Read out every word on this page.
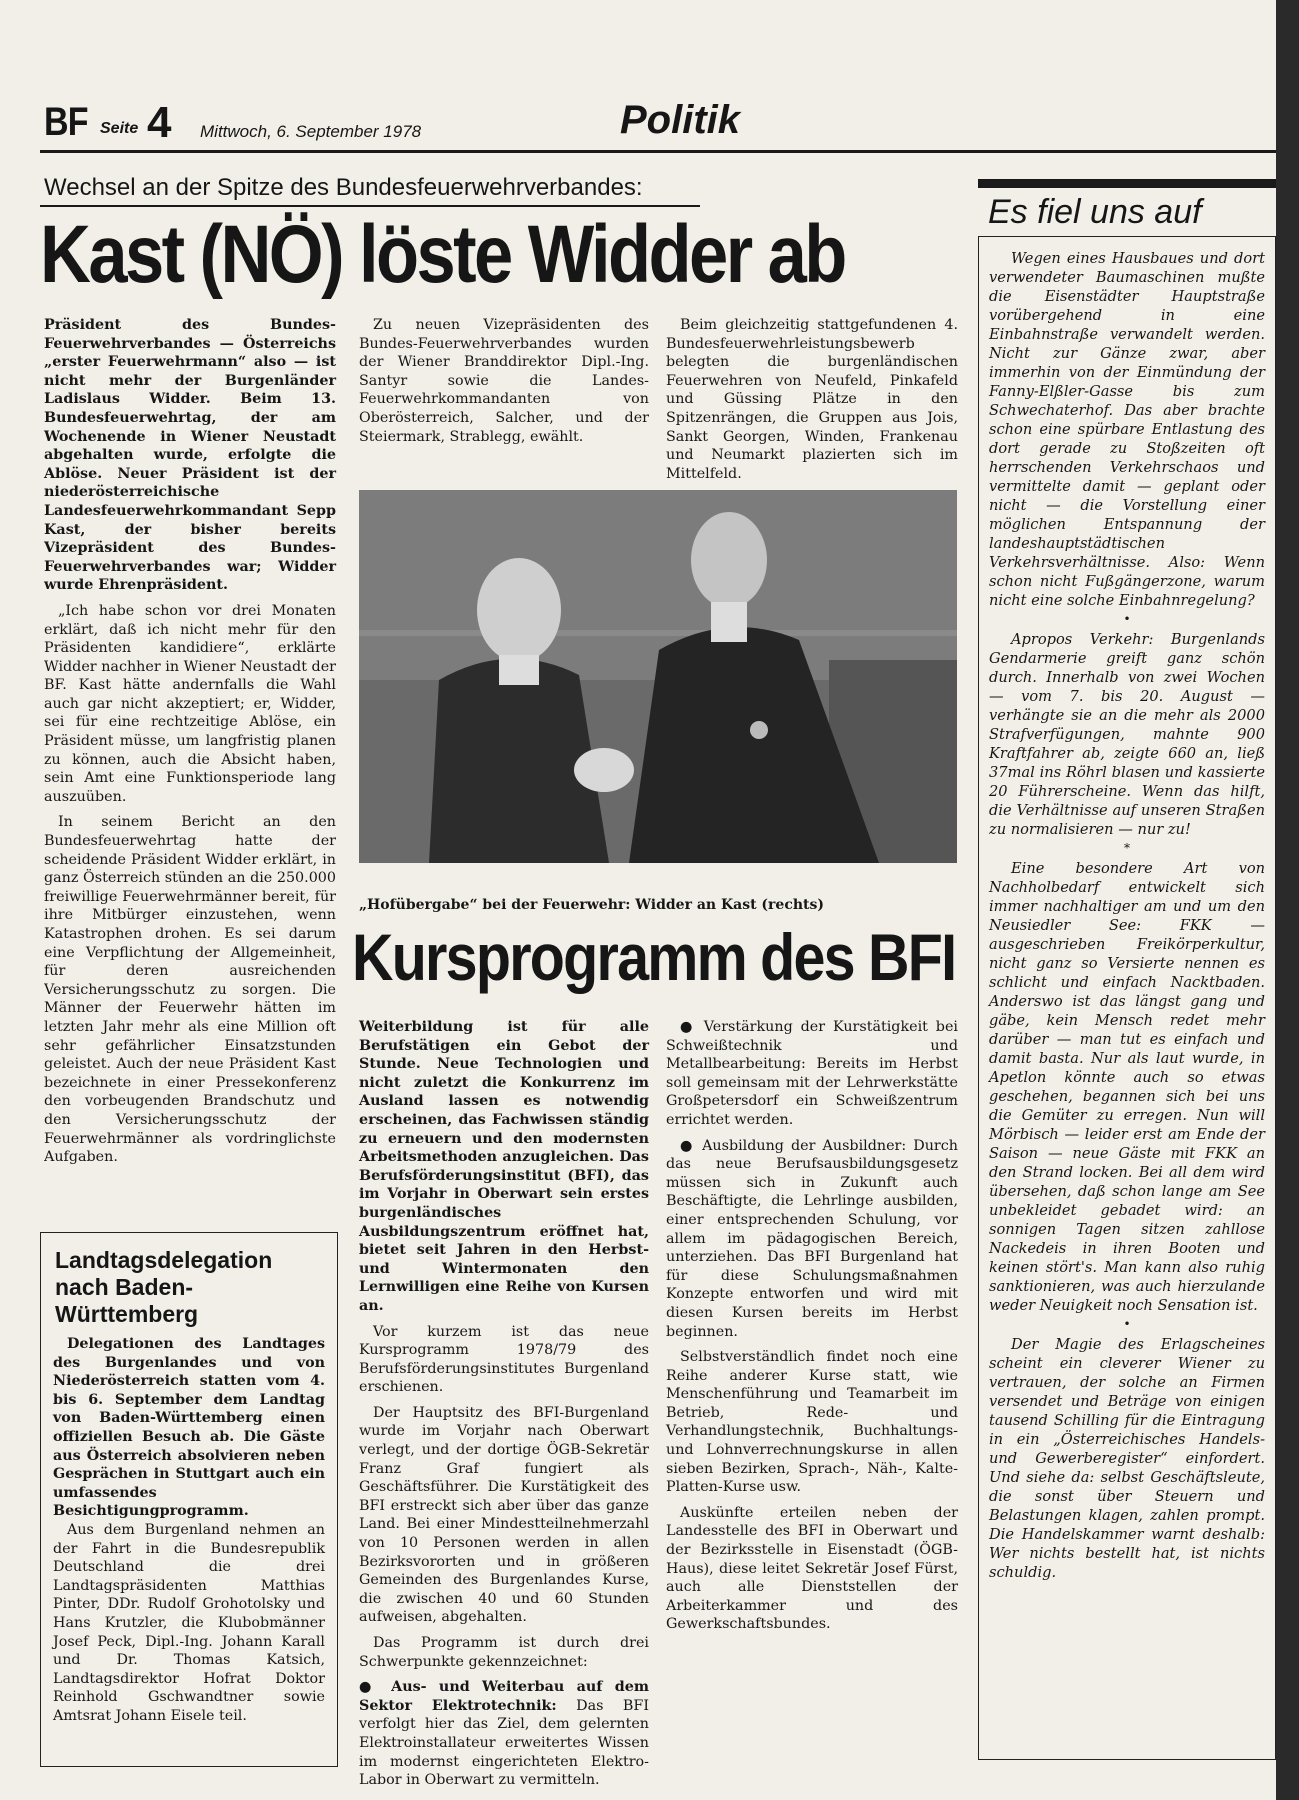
BF Seite 4 Mittwoch, 6. September 1978	Politik
Wechsel an der Spitze des Bundesfeuerwehrverbandes:
Kast (NÖ) löste Widder ab

Präsident des Bundes-Feuerwehrverbandes — Österreichs „erster Feuerwehrmann“ also — ist nicht mehr der Burgenländer Ladislaus Widder. Beim 13. Bundesfeuerwehrtag, der am Wochenende in Wiener Neustadt abgehalten wurde, erfolgte die Ablöse. Neuer Präsident ist der niederösterreichische Landesfeuerwehrkommandant Sepp Kast, der bisher bereits Vizepräsident des Bundes-Feuerwehrverbandes war; Widder wurde Ehrenpräsident.

„Ich habe schon vor drei Monaten erklärt, daß ich nicht mehr für den Präsidenten kandidiere“, erklärte Widder nachher in Wiener Neustadt der BF. Kast hätte andernfalls die Wahl auch gar nicht akzeptiert; er, Widder, sei für eine rechtzeitige Ablöse, ein Präsident müsse, um langfristig planen zu können, auch die Absicht haben, sein Amt eine Funktionsperiode lang auszuüben.

In seinem Bericht an den Bundesfeuerwehrtag hatte der scheidende Präsident Widder erklärt, in ganz Österreich stünden an die 250.000 freiwillige Feuerwehrmänner bereit, für ihre Mitbürger einzustehen, wenn Katastrophen drohen. Es sei darum eine Verpflichtung der Allgemeinheit, für deren ausreichenden Versicherungsschutz zu sorgen. Die Männer der Feuerwehr hätten im letzten Jahr mehr als eine Million oft sehr gefährlicher Einsatzstunden geleistet. Auch der neue Präsident Kast bezeichnete in einer Pressekonferenz den vorbeugenden Brandschutz und den Versicherungsschutz der Feuerwehrmänner als vordringlichste Aufgaben.

Zu neuen Vizepräsidenten des Bundes-Feuerwehrverbandes wurden der Wiener Branddirektor Dipl.-Ing. Santyr sowie die Landes-Feuerwehrkommandanten von Oberösterreich, Salcher, und der Steiermark, Strablegg, ewählt.

Beim gleichzeitig stattgefundenen 4. Bundesfeuerwehrleistungsbewerb belegten die burgenländischen Feuerwehren von Neufeld, Pinkafeld und Güssing Plätze in den Spitzenrängen, die Gruppen aus Jois, Sankt Georgen, Winden, Frankenau und Neumarkt plazierten sich im Mittelfeld.

„Hofübergabe“ bei der Feuerwehr: Widder an Kast (rechts)
Kursprogramm des BFI

Weiterbildung ist für alle Berufstätigen ein Gebot der Stunde. Neue Technologien und nicht zuletzt die Konkurrenz im Ausland lassen es notwendig erscheinen, das Fachwissen ständig zu erneuern und den modernsten Arbeitsmethoden anzugleichen. Das Berufsförderungsinstitut (BFI), das im Vorjahr in Oberwart sein erstes burgenländisches Ausbildungszentrum eröffnet hat, bietet seit Jahren in den Herbst- und Wintermonaten den Lernwilligen eine Reihe von Kursen an.

Vor kurzem ist das neue Kursprogramm 1978/79 des Berufsförderungsinstitutes Burgenland erschienen.

Der Hauptsitz des BFI-Burgenland wurde im Vorjahr nach Oberwart verlegt, und der dortige ÖGB-Sekretär Franz Graf fungiert als Geschäftsführer. Die Kurstätigkeit des BFI erstreckt sich aber über das ganze Land. Bei einer Mindestteilnehmerzahl von 10 Personen werden in allen Bezirksvororten und in größeren Gemeinden des Burgenlandes Kurse, die zwischen 40 und 60 Stunden aufweisen, abgehalten.

Das Programm ist durch drei Schwerpunkte gekennzeichnet:

● Aus- und Weiterbau auf dem Sektor Elektrotechnik: Das BFI verfolgt hier das Ziel, dem gelernten Elektroinstallateur erweitertes Wissen im modernst eingerichteten Elektro-Labor in Oberwart zu vermitteln.

● Verstärkung der Kurstätigkeit bei Schweißtechnik und Metallbearbeitung: Bereits im Herbst soll gemeinsam mit der Lehrwerkstätte Großpetersdorf ein Schweißzentrum errichtet werden.

● Ausbildung der Ausbildner: Durch das neue Berufsausbildungsgesetz müssen sich in Zukunft auch Beschäftigte, die Lehrlinge ausbilden, einer entsprechenden Schulung, vor allem im pädagogischen Bereich, unterziehen. Das BFI Burgenland hat für diese Schulungsmaßnahmen Konzepte entworfen und wird mit diesen Kursen bereits im Herbst beginnen.

Selbstverständlich findet noch eine Reihe anderer Kurse statt, wie Menschenführung und Teamarbeit im Betrieb, Rede- und Verhandlungstechnik, Buchhaltungs- und Lohnverrechnungskurse in allen sieben Bezirken, Sprach-, Näh-, Kalte-Platten-Kurse usw.

Auskünfte erteilen neben der Landesstelle des BFI in Oberwart und der Bezirksstelle in Eisenstadt (ÖGB-Haus), diese leitet Sekretär Josef Fürst, auch alle Dienststellen der Arbeiterkammer und des Gewerkschaftsbundes.

Landtagsdelegation nach Baden-Württemberg

Delegationen des Landtages des Burgenlandes und von Niederösterreich statten vom 4. bis 6. September dem Landtag von Baden-Württemberg einen offiziellen Besuch ab. Die Gäste aus Österreich absolvieren neben Gesprächen in Stuttgart auch ein umfassendes Besichtigungprogramm.

Aus dem Burgenland nehmen an der Fahrt in die Bundesrepublik Deutschland die drei Landtagspräsidenten Matthias Pinter, DDr. Rudolf Grohotolsky und Hans Krutzler, die Klubobmänner Josef Peck, Dipl.-Ing. Johann Karall und Dr. Thomas Katsich, Landtagsdirektor Hofrat Doktor Reinhold Gschwandtner sowie Amtsrat Johann Eisele teil.

Es fiel uns auf

Wegen eines Hausbaues und dort verwendeter Baumaschinen mußte die Eisenstädter Hauptstraße vorübergehend in eine Einbahnstraße verwandelt werden. Nicht zur Gänze zwar, aber immerhin von der Einmündung der Fanny-Elßler-Gasse bis zum Schwechaterhof. Das aber brachte schon eine spürbare Entlastung des dort gerade zu Stoßzeiten oft herrschenden Verkehrschaos und vermittelte damit — geplant oder nicht — die Vorstellung einer möglichen Entspannung der landeshauptstädtischen Verkehrsverhältnisse. Also: Wenn schon nicht Fußgängerzone, warum nicht eine solche Einbahnregelung?

•

Apropos Verkehr: Burgenlands Gendarmerie greift ganz schön durch. Innerhalb von zwei Wochen — vom 7. bis 20. August — verhängte sie an die mehr als 2000 Strafverfügungen, mahnte 900 Kraftfahrer ab, zeigte 660 an, ließ 37mal ins Röhrl blasen und kassierte 20 Führerscheine. Wenn das hilft, die Verhältnisse auf unseren Straßen zu normalisieren — nur zu!

*

Eine besondere Art von Nachholbedarf entwickelt sich immer nachhaltiger am und um den Neusiedler See: FKK — ausgeschrieben Freikörperkultur, nicht ganz so Versierte nennen es schlicht und einfach Nacktbaden. Anderswo ist das längst gang und gäbe, kein Mensch redet mehr darüber — man tut es einfach und damit basta. Nur als laut wurde, in Apetlon könnte auch so etwas geschehen, begannen sich bei uns die Gemüter zu erregen. Nun will Mörbisch — leider erst am Ende der Saison — neue Gäste mit FKK an den Strand locken. Bei all dem wird übersehen, daß schon lange am See unbekleidet gebadet wird: an sonnigen Tagen sitzen zahllose Nackedeis in ihren Booten und keinen stört's. Man kann also ruhig sanktionieren, was auch hierzulande weder Neuigkeit noch Sensation ist.

•

Der Magie des Erlagscheines scheint ein cleverer Wiener zu vertrauen, der solche an Firmen versendet und Beträge von einigen tausend Schilling für die Eintragung in ein „Österreichisches Handels- und Gewerberegister“ einfordert. Und siehe da: selbst Geschäftsleute, die sonst über Steuern und Belastungen klagen, zahlen prompt. Die Handelskammer warnt deshalb: Wer nichts bestellt hat, ist nichts schuldig.
